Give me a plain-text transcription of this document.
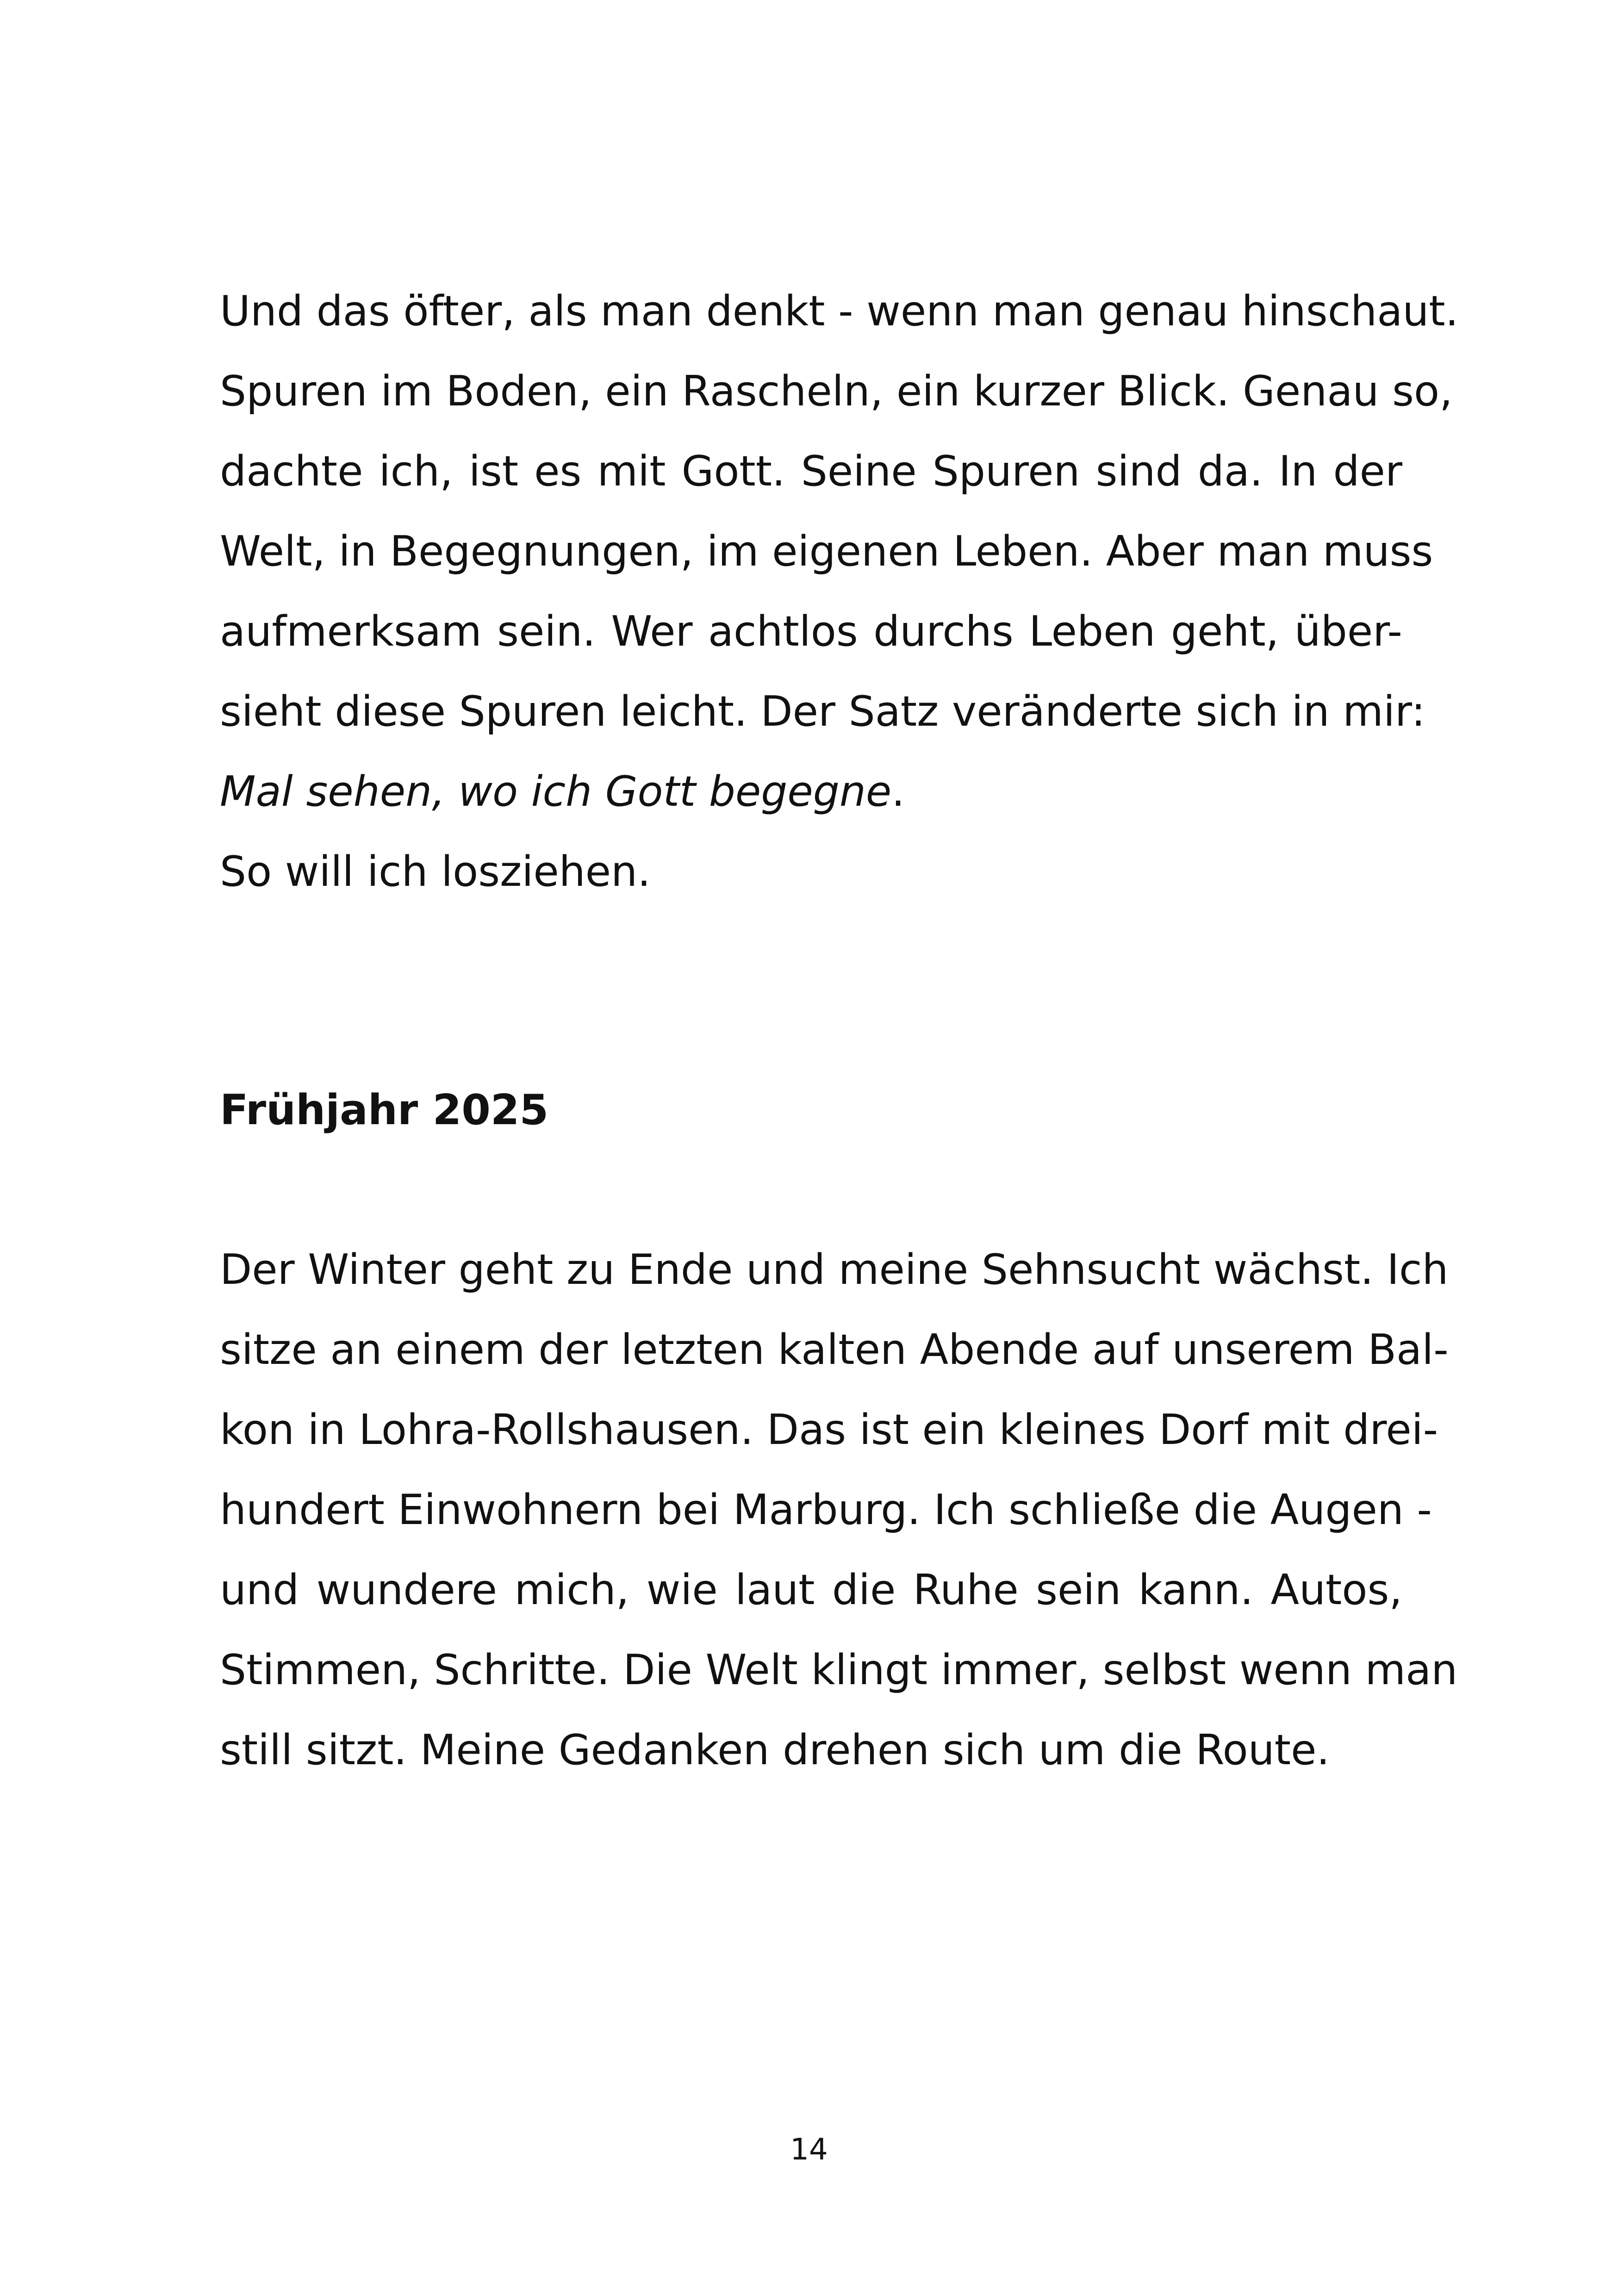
Und das öfter, als man denkt - wenn man genau hinschaut.
Spuren im Boden, ein Rascheln, ein kurzer Blick. Genau so,
dachte ich, ist es mit Gott. Seine Spuren sind da. In der
Welt, in Begegnungen, im eigenen Leben. Aber man muss
aufmerksam sein. Wer achtlos durchs Leben geht, über-
sieht diese Spuren leicht. Der Satz veränderte sich in mir:
Mal sehen, wo ich Gott begegne.
So will ich losziehen.
Frühjahr 2025
Der Winter geht zu Ende und meine Sehnsucht wächst. Ich
sitze an einem der letzten kalten Abende auf unserem Bal-
kon in Lohra-Rollshausen. Das ist ein kleines Dorf mit drei-
hundert Einwohnern bei Marburg. Ich schließe die Augen -
und wundere mich, wie laut die Ruhe sein kann. Autos,
Stimmen, Schritte. Die Welt klingt immer, selbst wenn man
still sitzt. Meine Gedanken drehen sich um die Route.
14
